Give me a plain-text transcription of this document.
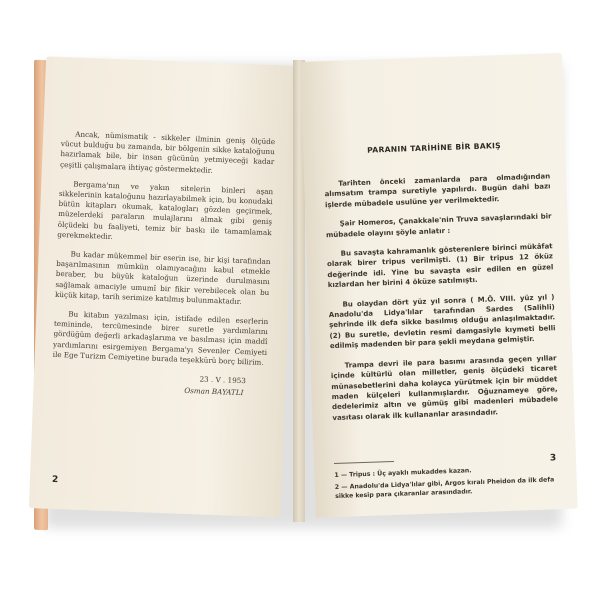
Ancak, nümismatik - sikkeler ilminin geniş ölçüde vücut bulduğu bu zamanda, bir bölgenin sikke kataloğunu hazırlamak bile, bir insan gücünün yetmiyeceği kadar çeşitli çalışmalara ihtiyaç göstermektedir.

Bergama'nın ve yakın sitelerin binleri aşan sikkelerinin kataloğunu hazırlayabilmek için, bu konudaki bütün kitapları okumak, katalogları gözden geçirmek, müzelerdeki paraların mulajlarını almak gibi geniş ölçüdeki bu faaliyeti, temiz bir baskı ile tamamlamak gerekmektedir.

Bu kadar mükemmel bir eserin ise, bir kişi tarafından başarılmasının mümkün olamıyacağını kabul etmekle beraber, bu büyük kataloğun üzerinde durulmasını sağlamak amaciyle umumî bir fikir verebilecek olan bu küçük kitap, tarih serimize katılmış bulunmaktadır.

Bu kitabın yazılması için, istifade edilen eserlerin temininde, tercümesinde birer suretle yardımlarını gördüğüm değerli arkadaşlarıma ve basılması için maddî yardımlarını esirgemiyen Bergama'yı Sevenler Cemiyeti ile Ege Turizm Cemiyetine burada teşekkürü borç bilirim.

23 . V . 1953

Osman BAYATLI

2
PARANIN TARİHİNE BİR BAKIŞ

Tarihten önceki zamanlarda para olmadığından alımsatım trampa suretiyle yapılırdı. Bugün dahi bazı işlerde mübadele usulüne yer verilmektedir.

Şair Homeros, Çanakkale'nin Truva savaşlarındaki bir mübadele olayını şöyle anlatır :

Bu savaşta kahramanlık gösterenlere birinci mükâfat olarak birer tripus verilmişti. (1) Bir tripus 12 öküz değerinde idi. Yine bu savaşta esir edilen en güzel kızlardan her birini 4 öküze satılmıştı.

Bu olaydan dört yüz yıl sonra ( M.Ö. VIII. yüz yıl ) Anadolu'da Lidya'lılar tarafından Sardes (Salihli) şehrinde ilk defa sikke basılmış olduğu anlaşılmaktadır. (2) Bu suretle, devletin resmî damgasiyle kıymeti belli edilmiş madenden bir para şekli meydana gelmiştir.

Trampa devri ile para basımı arasında geçen yıllar içinde kültürlü olan milletler, geniş ölçüdeki ticaret münasebetlerini daha kolayca yürütmek için bir müddet maden külçeleri kullanmışlardır. Oğuznameye göre, dedelerimiz altın ve gümüş gibi madenleri mübadele vasıtası olarak ilk kullananlar arasındadır.

1 — Tripus : Üç ayaklı mukaddes kazan.

2 — Anadolu'da Lidya'lılar gibi, Argos kıralı Pheidon da ilk defa sikke kesip para çıkaranlar arasındadır.

3
